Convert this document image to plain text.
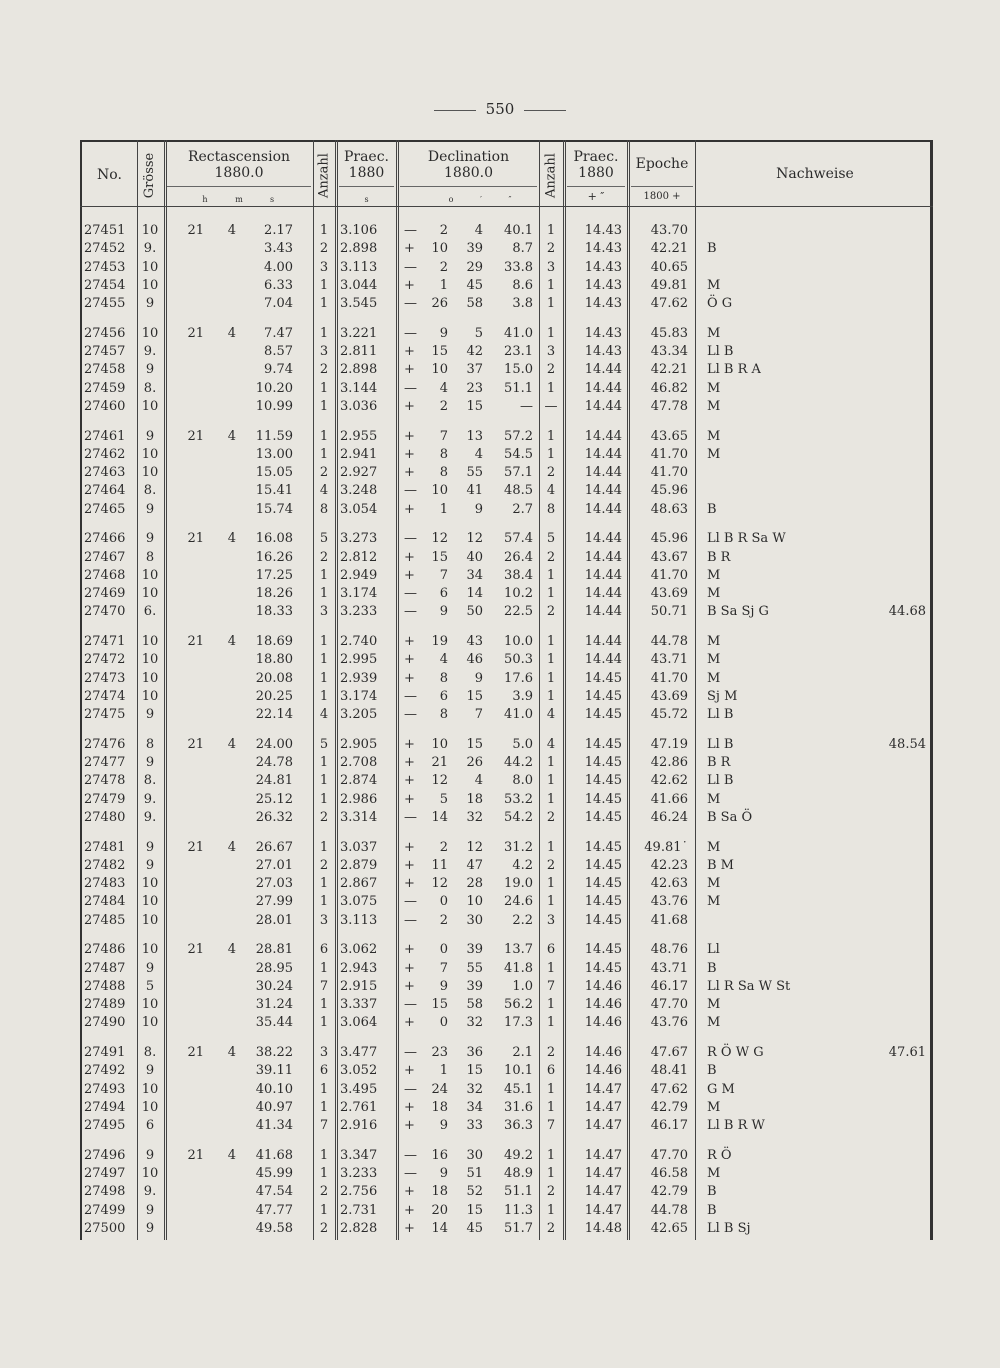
550
No.	Grösse	Rectascension
1880.0
h	m	s
Anzahl Praec.
1880
s
Declination
1880.0
o	′	″
Anzahl	Praec.
1880
+ ″
Epoche
1800 +
Nachweise
27451	10	21	4	2.17	1 3.106	—	2	4	40.1	1	14.43	43.70
27452	9.	3.43	2 2.898	+	10	39	8.7	2	14.43	42.21 B
27453	10	4.00	3 3.113	—	2	29	33.8	3	14.43	40.65
27454	10	6.33	1 3.044	+	1	45	8.6	1	14.43	49.81 M
27455	9	7.04	1 3.545	—	26	58	3.8	1	14.43	47.62 Ö G
27456	10	21	4	7.47	1 3.221	—	9	5	41.0	1	14.43	45.83 M
27457	9.	8.57	3 2.811	+	15	42	23.1	3	14.43	43.34 Ll B
27458	9	9.74	2 2.898	+	10	37	15.0	2	14.44	42.21 Ll B R A
27459	8.	10.20	1 3.144	—	4	23	51.1	1	14.44	46.82 M
27460	10	10.99	1 3.036	+	2	15	— —	14.44	47.78 M
27461	9	21	4	11.59	1 2.955	+	7	13	57.2	1	14.44	43.65 M
27462	10	13.00	1 2.941	+	8	4	54.5	1	14.44	41.70 M
27463	10	15.05	2 2.927	+	8	55	57.1	2	14.44	41.70
27464	8.	15.41	4 3.248	—	10	41	48.5	4	14.44	45.96
27465	9	15.74	8 3.054	+	1	9	2.7	8	14.44	48.63 B
27466	9	21	4	16.08	5 3.273	—	12	12	57.4	5	14.44	45.96 Ll B R Sa W
27467	8	16.26	2 2.812	+	15	40	26.4	2	14.44	43.67 B R
27468	10	17.25	1 2.949	+	7	34	38.4	1	14.44	41.70 M
27469	10	18.26	1 3.174	—	6	14	10.2	1	14.44	43.69 M
27470	6.	18.33	3 3.233	—	9	50	22.5	2	14.44	50.71 B Sa Sj G	44.68
27471	10	21	4	18.69	1 2.740	+	19	43	10.0	1	14.44	44.78 M
27472	10	18.80	1 2.995	+	4	46	50.3	1	14.44	43.71 M
27473	10	20.08	1 2.939	+	8	9	17.6	1	14.45	41.70 M
27474	10	20.25	1 3.174	—	6	15	3.9	1	14.45	43.69 Sj M
27475	9	22.14	4 3.205	—	8	7	41.0	4	14.45	45.72 Ll B
27476	8	21	4	24.00	5 2.905	+	10	15	5.0	4	14.45	47.19 Ll B	48.54
27477	9	24.78	1 2.708	+	21	26	44.2	1	14.45	42.86 B R
27478	8.	24.81	1 2.874	+	12	4	8.0	1	14.45	42.62 Ll B
27479	9.	25.12	1 2.986	+	5	18	53.2	1	14.45	41.66 M
27480	9.	26.32	2 3.314	—	14	32	54.2	2	14.45	46.24 B Sa Ö
27481	9	21	4	26.67	1 3.037	+	2	12	31.2	1	14.45	49.81˙ M
27482	9	27.01	2 2.879	+	11	47	4.2	2	14.45	42.23 B M
27483	10	27.03	1 2.867	+	12	28	19.0	1	14.45	42.63 M
27484	10	27.99	1 3.075	—	0	10	24.6	1	14.45	43.76 M
27485	10	28.01	3 3.113	—	2	30	2.2	3	14.45	41.68
27486	10	21	4	28.81	6 3.062	+	0	39	13.7	6	14.45	48.76 Ll
27487	9	28.95	1 2.943	+	7	55	41.8	1	14.45	43.71 B
27488	5	30.24	7 2.915	+	9	39	1.0	7	14.46	46.17 Ll R Sa W St
27489	10	31.24	1 3.337	—	15	58	56.2	1	14.46	47.70 M
27490	10	35.44	1 3.064	+	0	32	17.3	1	14.46	43.76 M
27491	8.	21	4	38.22	3 3.477	—	23	36	2.1	2	14.46	47.67 R Ö W G	47.61
27492	9	39.11	6 3.052	+	1	15	10.1	6	14.46	48.41 B
27493	10	40.10	1 3.495	—	24	32	45.1	1	14.47	47.62 G M
27494	10	40.97	1 2.761	+	18	34	31.6	1	14.47	42.79 M
27495	6	41.34	7 2.916	+	9	33	36.3	7	14.47	46.17 Ll B R W
27496	9	21	4	41.68	1 3.347	—	16	30	49.2	1	14.47	47.70 R Ö
27497	10	45.99	1 3.233	—	9	51	48.9	1	14.47	46.58 M
27498	9.	47.54	2 2.756	+	18	52	51.1	2	14.47	42.79 B
27499	9	47.77	1 2.731	+	20	15	11.3	1	14.47	44.78 B
27500	9	49.58	2 2.828	+	14	45	51.7	2	14.48	42.65 Ll B Sj
